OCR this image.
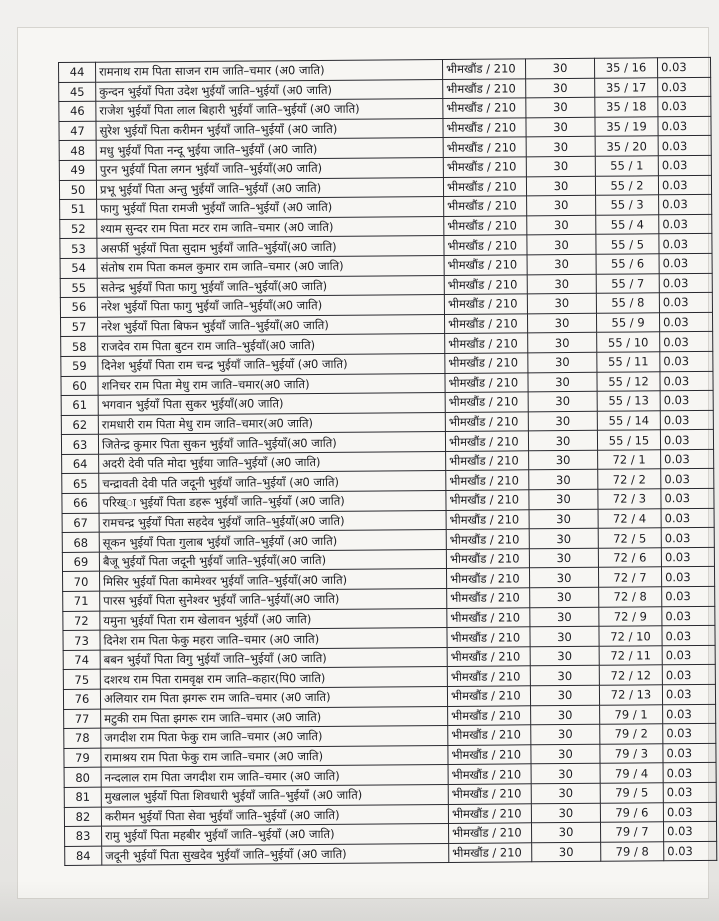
44	रामनाथ राम पिता साजन राम जाति–चमार (अ0 जाति)	भीमखौंड / 210	30	35 / 16	0.03
45	कुन्दन भुईयाँ पिता उदेश भुईयाँ जाति–भुईयाँ (अ0 जाति)	भीमखौंड / 210	30	35 / 17	0.03
46	राजेश भुईयाँ पिता लाल बिहारी भुईयाँ जाति–भुईयाँ (अ0 जाति)	भीमखौंड / 210	30	35 / 18	0.03
47	सुरेश भुईयाँ पिता करीमन भुईयाँ जाति–भुईयाँ (अ0 जाति)	भीमखौंड / 210	30	35 / 19	0.03
48	मधु भुईयाँ पिता नन्दू भुईया जाति–भुईयाँ (अ0 जाति)	भीमखौंड / 210	30	35 / 20	0.03
49	पुरन भुईयाँ पिता लगन भुईयाँ जाति–भुईयाँ(अ0 जाति)	भीमखौंड / 210	30	55 / 1	0.03
50	प्रभू भुईयाँ पिता अन्तु भुईयाँ जाति–भुईयाँ (अ0 जाति)	भीमखौंड / 210	30	55 / 2	0.03
51	फागु भुईयाँ पिता रामजी भुईयाँ जाति–भुईयाँ (अ0 जाति)	भीमखौंड / 210	30	55 / 3	0.03
52	श्याम सुन्दर राम पिता मटर राम जाति–चमार (अ0 जाति)	भीमखौंड / 210	30	55 / 4	0.03
53	असर्फी भुईयाँ पिता सुदाम भुईयाँ जाति–भुईयाँ(अ0 जाति)	भीमखौंड / 210	30	55 / 5	0.03
54	संतोष राम पिता कमल कुमार राम जाति–चमार (अ0 जाति)	भीमखौंड / 210	30	55 / 6	0.03
55	सतेन्द्र भुईयाँ पिता फागु भुईयाँ जाति–भुईयाँ(अ0 जाति)	भीमखौंड / 210	30	55 / 7	0.03
56	नरेश भुईयाँ पिता फागु भुईयाँ जाति–भुईयाँ(अ0 जाति)	भीमखौंड / 210	30	55 / 8	0.03
57	नरेश भुईयाँ पिता बिफन भुईयाँ जाति–भुईयाँ(अ0 जाति)	भीमखौंड / 210	30	55 / 9	0.03
58	राजदेव राम पिता बुटन राम जाति–भुईयाँ(अ0 जाति)	भीमखौंड / 210	30	55 / 10	0.03
59	दिनेश भुईयाँ पिता राम चन्द्र भुईयाँ जाति–भुईयाँ (अ0 जाति)	भीमखौंड / 210	30	55 / 11	0.03
60	शनिचर राम पिता मेधु राम जाति–चमार(अ0 जाति)	भीमखौंड / 210	30	55 / 12	0.03
61	भगवान भुईयाँ पिता सुकर भुईयाँ(अ0 जाति)	भीमखौंड / 210	30	55 / 13	0.03
62	रामधारी राम पिता मेधु राम जाति–चमार(अ0 जाति)	भीमखौंड / 210	30	55 / 14	0.03
63	जितेन्द्र कुमार पिता सुकन भुईयाँ जाति–भुईयाँ(अ0 जाति)	भीमखौंड / 210	30	55 / 15	0.03
64	अदरी देवी पति मोदा भुईया जाति–भुईयाँ (अ0 जाति)	भीमखौंड / 210	30	72 / 1	0.03
65	चन्द्रावती देवी पति जदूनी भुईयाँ जाति–भुईयाँ (अ0 जाति)	भीमखौंड / 210	30	72 / 2	0.03
66	परिख्ा भुईयाँ पिता डहरू भुईयाँ जाति–भुईयाँ (अ0 जाति)	भीमखौंड / 210	30	72 / 3	0.03
67	रामचन्द्र भुईयाँ पिता सहदेव भुईयाँ जाति–भुईयाँ(अ0 जाति)	भीमखौंड / 210	30	72 / 4	0.03
68	सूकन भुईयाँ पिता गुलाब भुईयाँ जाति–भुईयाँ (अ0 जाति)	भीमखौंड / 210	30	72 / 5	0.03
69	बैजू भुईयाँ पिता जदूनी भुईयाँ जाति–भुईयाँ(अ0 जाति)	भीमखौंड / 210	30	72 / 6	0.03
70	मिसिर भुईयाँ पिता कामेश्वर भुईयाँ जाति–भुईयाँ(अ0 जाति)	भीमखौंड / 210	30	72 / 7	0.03
71	पारस भुईयाँ पिता सुनेश्वर भुईयाँ जाति–भुईयाँ(अ0 जाति)	भीमखौंड / 210	30	72 / 8	0.03
72	यमुना भुईयाँ पिता राम खेलावन भुईयाँ (अ0 जाति)	भीमखौंड / 210	30	72 / 9	0.03
73	दिनेश राम पिता फेकु महरा जाति–चमार (अ0 जाति)	भीमखौंड / 210	30	72 / 10	0.03
74	बबन भुईयाँ पिता विगु भुईयाँ जाति–भुईयाँ (अ0 जाति)	भीमखौंड / 210	30	72 / 11	0.03
75	दशरथ राम पिता रामवृक्ष राम जाति–कहार(पि0 जाति)	भीमखौंड / 210	30	72 / 12	0.03
76	अलियार राम पिता झगरू राम जाति–चमार (अ0 जाति)	भीमखौंड / 210	30	72 / 13	0.03
77	मटुकी राम पिता झगरू राम जाति–चमार (अ0 जाति)	भीमखौंड / 210	30	79 / 1	0.03
78	जगदीश राम पिता फेकु राम जाति–चमार (अ0 जाति)	भीमखौंड / 210	30	79 / 2	0.03
79	रामाश्रय राम पिता फेकु राम जाति–चमार (अ0 जाति)	भीमखौंड / 210	30	79 / 3	0.03
80	नन्दलाल राम पिता जगदीश राम जाति–चमार (अ0 जाति)	भीमखौंड / 210	30	79 / 4	0.03
81	मुखलाल भुईयाँ पिता शिवधारी भुईयाँ जाति–भुईयाँ (अ0 जाति)	भीमखौंड / 210	30	79 / 5	0.03
82	करीमन भुईयाँ पिता सेवा भुईयाँ जाति–भुईयाँ (अ0 जाति)	भीमखौंड / 210	30	79 / 6	0.03
83	रामु भुईयाँ पिता महबीर भुईयाँ जाति–भुईयाँ (अ0 जाति)	भीमखौंड / 210	30	79 / 7	0.03
84	जदूनी भुईयाँ पिता सुखदेव भुईयाँ जाति–भुईयाँ (अ0 जाति)	भीमखौंड / 210	30	79 / 8	0.03
